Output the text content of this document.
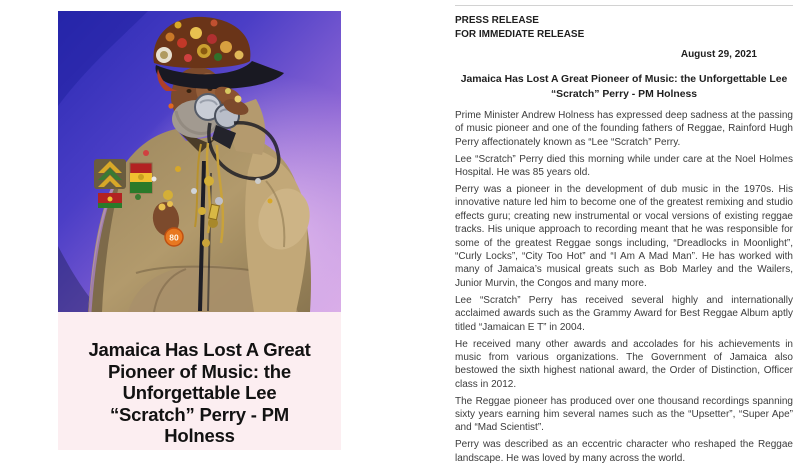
80
Jamaica Has Lost A Great
Pioneer of Music: the
Unforgettable Lee
“Scratch” Perry - PM
Holness
PRESS RELEASE
FOR IMMEDIATE RELEASE
August 29, 2021
Jamaica Has Lost A Great Pioneer of Music: the Unforgettable Lee
“Scratch” Perry - PM Holness

Prime Minister Andrew Holness has expressed deep sadness at the passing of music pioneer and one of the founding fathers of Reggae, Rainford Hugh Perry affectionately known as “Lee “Scratch” Perry.

Lee “Scratch” Perry died this morning while under care at the Noel Holmes Hospital. He was 85 years old.

Perry was a pioneer in the development of dub music in the 1970s. His innovative nature led him to become one of the greatest remixing and studio effects guru; creating new instrumental or vocal versions of existing reggae tracks. His unique approach to recording meant that he was responsible for some of the greatest Reggae songs including, “Dreadlocks in Moonlight”, “Curly Locks”, “City Too Hot” and “I Am A Mad Man”. He has worked with many of Jamaica’s musical greats such as Bob Marley and the Wailers, Junior Murvin, the Congos and many more.

Lee “Scratch” Perry has received several highly and internationally acclaimed awards such as the Grammy Award for Best Reggae Album aptly titled “Jamaican E T” in 2004.

He received many other awards and accolades for his achievements in music from various organizations. The Government of Jamaica also bestowed the sixth highest national award, the Order of Distinction, Officer class in 2012.

The Reggae pioneer has produced over one thousand recordings spanning sixty years earning him several names such as the “Upsetter”, “Super Ape” and “Mad Scientist”.

Perry was described as an eccentric character who reshaped the Reggae landscape. He was loved by many across the world.
